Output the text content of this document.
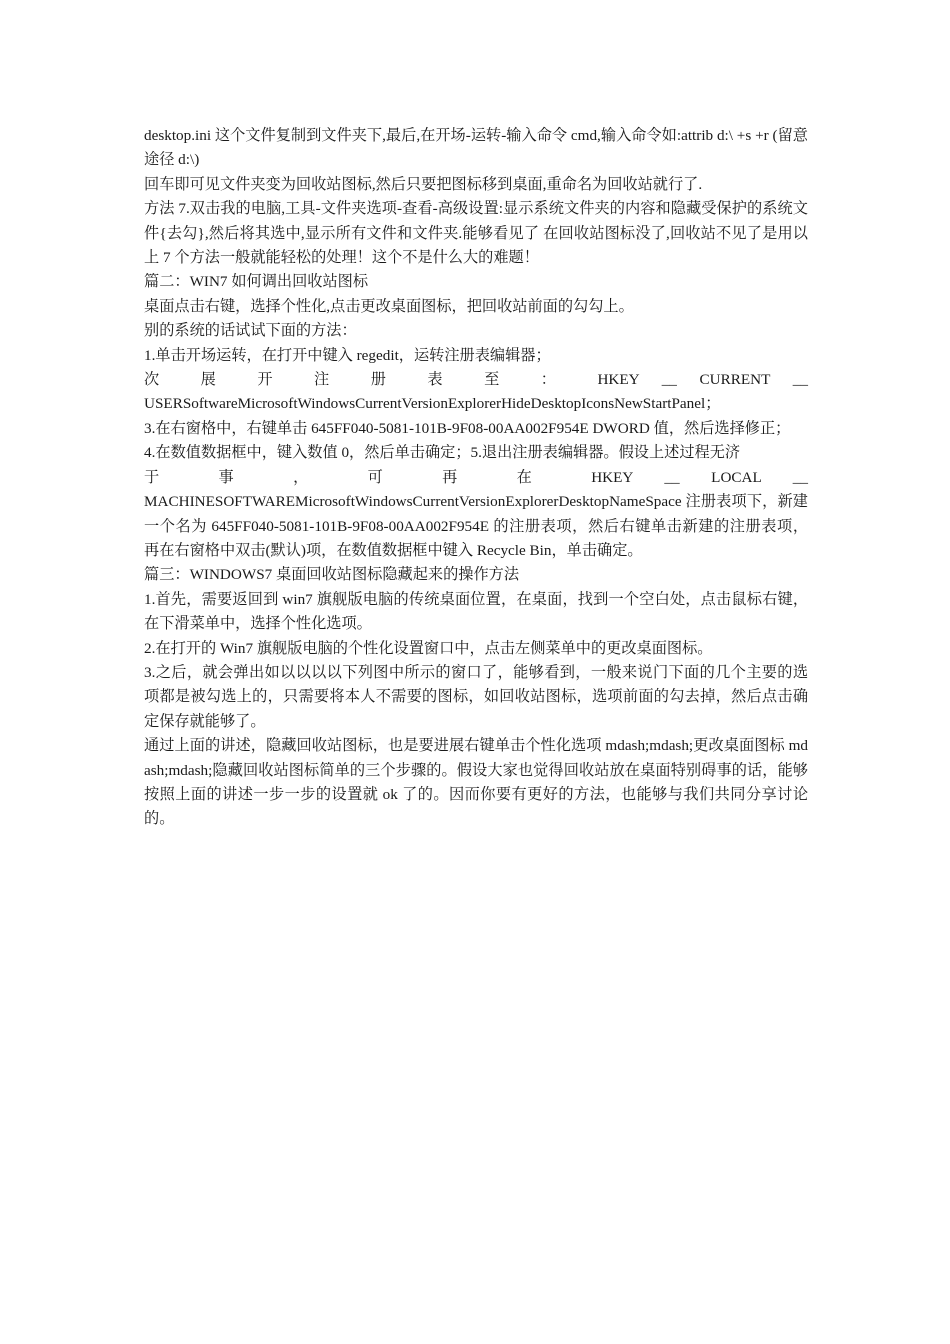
desktop.ini 这个文件复制到文件夹下,最后,在开场-运转-输入命令 cmd,输入命令如:attrib d:\ +s +r (留意途径 d:\)

回车即可见文件夹变为回收站图标,然后只要把图标移到桌面,重命名为回收站就行了.

方法 7.双击我的电脑,工具-文件夹选项-查看-高级设置:显示系统文件夹的内容和隐藏受保护的系统文件{去勾},然后将其选中,显示所有文件和文件夹.能够看见了 在回收站图标没了,回收站不见了是用以上 7 个方法一般就能轻松的处理！这个不是什么大的难题！

篇二：WIN7 如何调出回收站图标

桌面点击右键，选择个性化,点击更改桌面图标，把回收站前面的勾勾上。

别的系统的话试试下面的方法：

1.单击开场运转，在打开中键入 regedit，运转注册表编辑器；

次 展 开 注 册 表 至 ： HKEY __ CURRENT __

USERSoftwareMicrosoftWindowsCurrentVersionExplorerHideDesktopIconsNewStartPanel；

3.在右窗格中，右键单击 645FF040-5081-101B-9F08-00AA002F954E DWORD 值，然后选择修正；

4.在数值数据框中，键入数值 0，然后单击确定；5.退出注册表编辑器。假设上述过程无济

于 事 ， 可 再 在 HKEY __ LOCAL __

MACHINESOFTWAREMicrosoftWindowsCurrentVersionExplorerDesktopNameSpace 注册表项下，新建一个名为 645FF040-5081-101B-9F08-00AA002F954E 的注册表项，然后右键单击新建的注册表项，再在右窗格中双击(默认)项，在数值数据框中键入 Recycle Bin，单击确定。

篇三：WINDOWS7 桌面回收站图标隐藏起来的操作方法

1.首先，需要返回到 win7 旗舰版电脑的传统桌面位置，在桌面，找到一个空白处，点击鼠标右键，在下滑菜单中，选择个性化选项。

2.在打开的 Win7 旗舰版电脑的个性化设置窗口中，点击左侧菜单中的更改桌面图标。

3.之后，就会弹出如以以以以下列图中所示的窗口了，能够看到，一般来说门下面的几个主要的选项都是被勾选上的，只需要将本人不需要的图标，如回收站图标，选项前面的勾去掉，然后点击确定保存就能够了。

通过上面的讲述，隐藏回收站图标，也是要进展右键单击个性化选项 mdash;mdash;更改桌面图标 mdash;mdash;隐藏回收站图标简单的三个步骤的。假设大家也觉得回收站放在桌面特别碍事的话，能够按照上面的讲述一步一步的设置就 ok 了的。因而你要有更好的方法，也能够与我们共同分享讨论的。
